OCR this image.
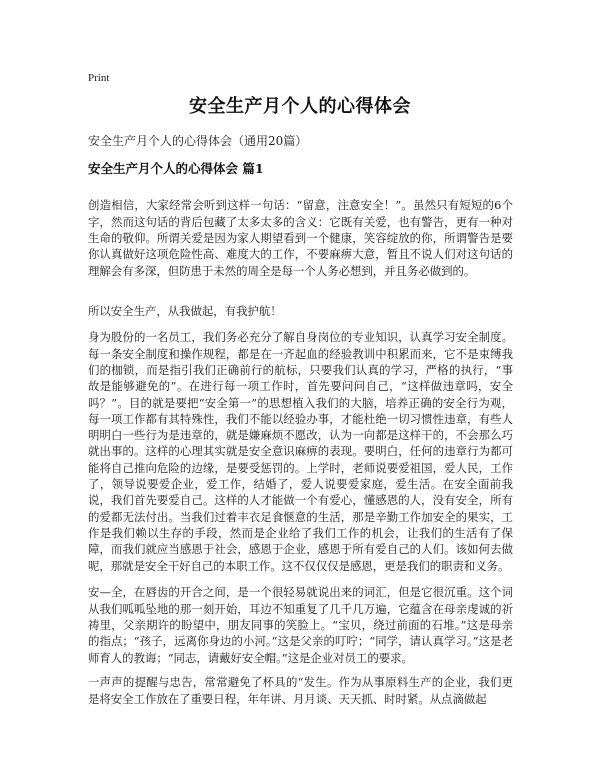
Print
安全生产月个人的心得体会
安全生产月个人的心得体会（通用20篇）
安全生产月个人的心得体会 篇1

创造相信，大家经常会听到这样一句话：“留意，注意安全！”。虽然只有短短的6个字，然而这句话的背后包藏了太多太多的含义：它既有关爱，也有警告，更有一种对生命的敬仰。所谓关爱是因为家人期望看到一个健康，笑容绽放的你，所谓警告是要你认真做好这项危险性高、难度大的工作，不要麻痹大意，暂且不说人们对这句话的理解会有多深，但防患于未然的周全是每一个人务必想到，并且务必做到的。

所以安全生产，从我做起，有我护航！

身为股份的一名员工，我们务必充分了解自身岗位的专业知识，认真学习安全制度。每一条安全制度和操作规程，都是在一齐起血的经验教训中积累而来，它不是束缚我们的枷锁，而是指引我们正确前行的航标，只要我们认真的学习，严格的执行，“事故是能够避免的”。在进行每一项工作时，首先要问问自己，“这样做违章吗，安全吗？”。目的就是要把“安全第一”的思想植入我们的大脑，培养正确的安全行为观，每一项工作都有其特殊性，我们不能以经验办事，才能杜绝一切习惯性违章，有些人明明白一些行为是违章的，就是嫌麻烦不愿改，认为一向都是这样干的，不会那么巧就出事的。这样的心理其实就是安全意识麻痹的表现。要明白，任何的违章行为都可能将自己推向危险的边缘，是要受惩罚的。上学时，老师说要爱祖国，爱人民，工作了，领导说要爱企业，爱工作，结婚了，爱人说要爱家庭，爱生活。在安全面前我说，我们首先要爱自己。这样的人才能做一个有爱心，懂感恩的人，没有安全，所有的爱都无法付出。当我们过着丰衣足食惬意的生活，那是辛勤工作加安全的果实，工作是我们赖以生存的手段，然而是企业给了我们工作的机会，让我们的生活有了保障，而我们就应当感恩于社会，感恩于企业，感恩于所有爱自己的人们。该如何去做呢，那就是安全干好自己的本职工作。这不仅仅仅是感恩，更是我们的职责和义务。

安—全，在唇齿的开合之间，是一个很轻易就说出来的词汇，但是它很沉重。这个词从我们呱呱坠地的那一刻开始，耳边不知重复了几千几万遍，它蕴含在母亲虔诚的祈祷里，父亲期许的盼望中，朋友同事的笑脸上。“宝贝，绕过前面的石堆。”这是母亲的指点；“孩子，远离你身边的小河。”这是父亲的叮咛；“同学，请认真学习。”这是老师育人的教诲；“同志，请戴好安全帽。”这是企业对员工的要求。

一声声的提醒与忠告，常常避免了杯具的“发生。作为从事原料生产的企业，我们更是将安全工作放在了重要日程，年年讲、月月谈、天天抓、时时紧。从点滴做起
